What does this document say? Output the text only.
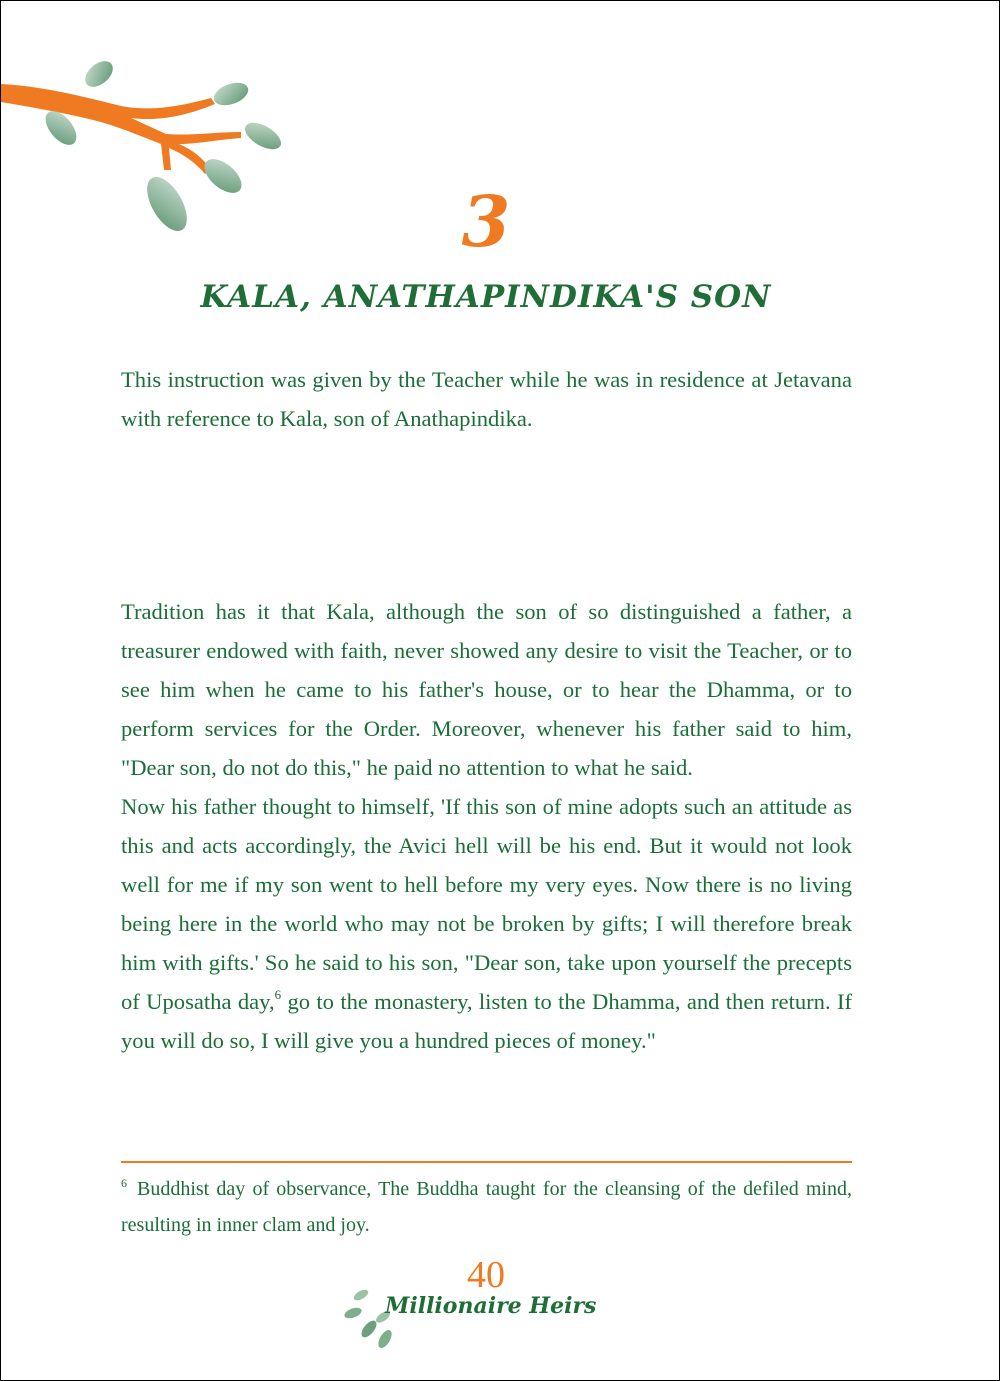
3
KALA, ANATHAPINDIKA'S SON

This instruction was given by the Teacher while he was in residence at Jetavana with reference to Kala, son of Anathapindika.

Tradition has it that Kala, although the son of so distinguished a father, a treasurer endowed with faith, never showed any desire to visit the Teacher, or to see him when he came to his father's house, or to hear the Dhamma, or to perform services for the Order. Moreover, whenever his father said to him, "Dear son, do not do this," he paid no attention to what he said.

Now his father thought to himself, 'If this son of mine adopts such an attitude as this and acts accordingly, the Avici hell will be his end. But it would not look well for me if my son went to hell before my very eyes. Now there is no living being here in the world who may not be broken by gifts; I will therefore break him with gifts.' So he said to his son, "Dear son, take upon yourself the precepts of Uposatha day,$^6$ go to the monastery, listen to the Dhamma, and then return. If you will do so, I will give you a hundred pieces of money."

$^6$ Buddhist day of observance, The Buddha taught for the cleansing of the defiled mind, resulting in inner clam and joy.

40
Millionaire Heirs
